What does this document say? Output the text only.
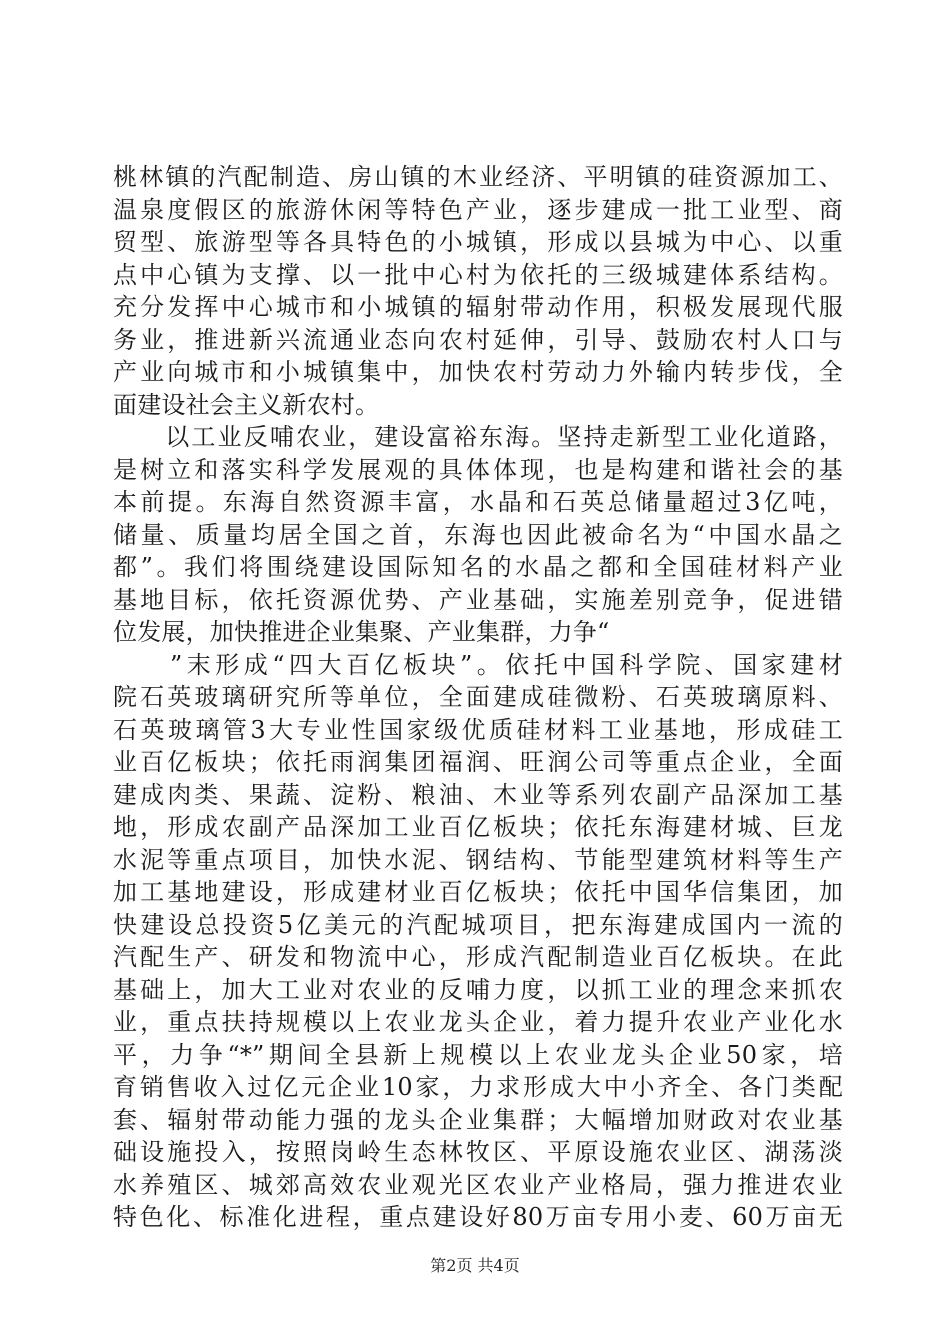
桃林镇的汽配制造、房山镇的木业经济、平明镇的硅资源加工、
温泉度假区的旅游休闲等特色产业，逐步建成一批工业型、商
贸型、旅游型等各具特色的小城镇，形成以县城为中心、以重
点中心镇为支撑、以一批中心村为依托的三级城建体系结构。
充分发挥中心城市和小城镇的辐射带动作用，积极发展现代服
务业，推进新兴流通业态向农村延伸，引导、鼓励农村人口与
产业向城市和小城镇集中，加快农村劳动力外输内转步伐，全
面建设社会主义新农村。
　　以工业反哺农业，建设富裕东海。坚持走新型工业化道路，
是树立和落实科学发展观的具体体现，也是构建和谐社会的基
本前提。东海自然资源丰富，水晶和石英总储量超过3亿吨，
储量、质量均居全国之首，东海也因此被命名为“中国水晶之
都”。我们将围绕建设国际知名的水晶之都和全国硅材料产业
基地目标，依托资源优势、产业基础，实施差别竞争，促进错
位发展，加快推进企业集聚、产业集群，力争“
　　”末形成“四大百亿板块”。依托中国科学院、国家建材
院石英玻璃研究所等单位，全面建成硅微粉、石英玻璃原料、
石英玻璃管3大专业性国家级优质硅材料工业基地，形成硅工
业百亿板块；依托雨润集团福润、旺润公司等重点企业，全面
建成肉类、果蔬、淀粉、粮油、木业等系列农副产品深加工基
地，形成农副产品深加工业百亿板块；依托东海建材城、巨龙
水泥等重点项目，加快水泥、钢结构、节能型建筑材料等生产
加工基地建设，形成建材业百亿板块；依托中国华信集团，加
快建设总投资5亿美元的汽配城项目，把东海建成国内一流的
汽配生产、研发和物流中心，形成汽配制造业百亿板块。在此
基础上，加大工业对农业的反哺力度，以抓工业的理念来抓农
业，重点扶持规模以上农业龙头企业，着力提升农业产业化水
平，力争“*”期间全县新上规模以上农业龙头企业50家，培
育销售收入过亿元企业10家，力求形成大中小齐全、各门类配
套、辐射带动能力强的龙头企业集群；大幅增加财政对农业基
础设施投入，按照岗岭生态林牧区、平原设施农业区、湖荡淡
水养殖区、城郊高效农业观光区农业产业格局，强力推进农业
特色化、标准化进程，重点建设好80万亩专用小麦、60万亩无
第2页 共4页
